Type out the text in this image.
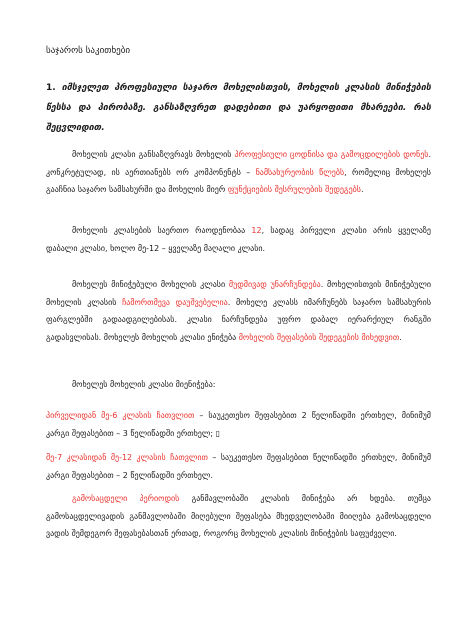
საჯაროს საკითხები
1. იმსჯელეთ პროფესიული საჯარო მოხელისთვის, მოხელის კლასის მინიჭების წესსა და პირობაზე. განსაზღვრეთ დადებითი და უარყოფითი მხარეები. რას შეცვლიდით.
მოხელის კლასი განსაზღვრავს მოხელის პროფესიული ცოდნისა და გამოცდილების დონეს. კონკრეტულად, ის აერთიანებს ორ კომპონენტს – ნამსახურეობის წლებს, რომელიც მოხელეს გააჩნია საჯარო სამსახურში და მოხელის მიერ ფუნქციების შესრულების შედეგებს.
მოხელის კლასების საერთო რაოდენობაა 12, სადაც პირველი კლასი არის ყველაზე დაბალი კლასი, ხოლო მე-12 – ყველაზე მაღალი კლასი.
მოხელეს მინიჭებული მოხელის კლასი მუდმივად უნარჩუნდება. მოხელისთვის მინიჭებული მოხელის კლასის ჩამორთმევა დაუშვებელია. მოხელე კლასს იმარჩუნებს საჯარო სამსახურის ფარგლებში გადაადგილებისას. კლასი ნარჩუნდება უფრო დაბალ იერარქიულ რანგში გადასვლისას. მოხელეს მოხელის კლასი ენიჭება მოხელის შეფასების შედეგების მიხედვით.
მოხელეს მოხელის კლასი მიენიჭება:
პირველიდან მე-6 კლასის ჩათვლით – საუკეთესო შეფასებით 2 წელიწადში ერთხელ, მინიმუმ კარგი შეფასებით – 3 წელიწადში ერთხელ; ▯
მე-7 კლასიდან მე-12 კლასის ჩათვლით – საუკეთესო შეფასებით წელიწადში ერთხელ, მინიმუმ კარგი შეფასებით – 2 წელიწადში ერთხელ.
გამოსაცდელი პერიოდის განმავლობაში კლასის მინიჭება არ ხდება. თუმცა გამოსაცდელივადის განმავლობაში მიღებული შეფასება მხედველობაში მიიღება გამოსაცდელი ვადის შემდეგორ შეფასებასთან ერთად, როგორც მოხელის კლასის მინიჭების საფუძველი.
